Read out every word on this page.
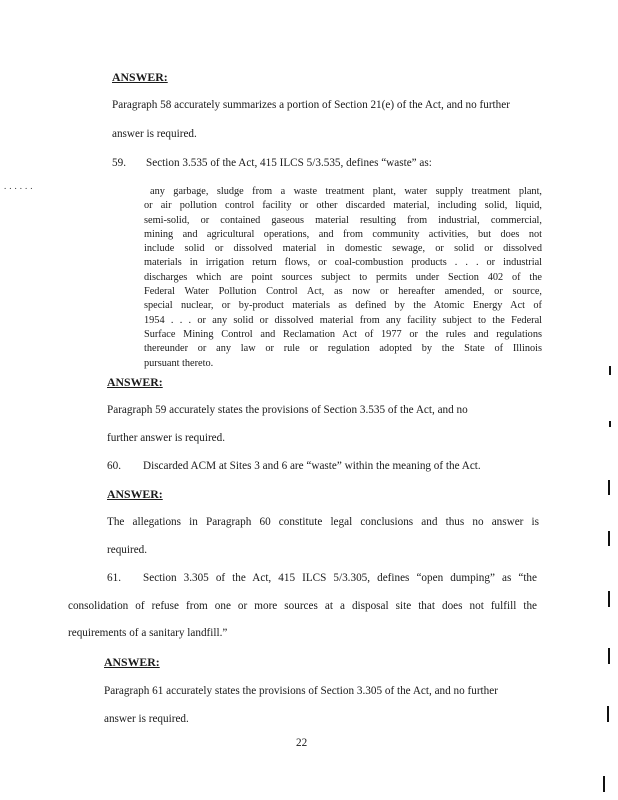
......
ANSWER:
Paragraph 58 accurately summarizes a portion of Section 21(e) of the Act, and no further
answer is required.
59. Section 3.535 of the Act, 415 ILCS 5/3.535, defines “waste” as:
any garbage, sludge from a waste treatment plant, water supply treatment plant,
or air pollution control facility or other discarded material, including solid, liquid,
semi-solid, or contained gaseous material resulting from industrial, commercial,
mining and agricultural operations, and from community activities, but does not
include solid or dissolved material in domestic sewage, or solid or dissolved
materials in irrigation return flows, or coal-combustion products . . . or industrial
discharges which are point sources subject to permits under Section 402 of the
Federal Water Pollution Control Act, as now or hereafter amended, or source,
special nuclear, or by-product materials as defined by the Atomic Energy Act of
1954 . . . or any solid or dissolved material from any facility subject to the Federal
Surface Mining Control and Reclamation Act of 1977 or the rules and regulations
thereunder or any law or rule or regulation adopted by the State of Illinois
pursuant thereto.
ANSWER:
Paragraph 59 accurately states the provisions of Section 3.535 of the Act, and no
further answer is required.
60. Discarded ACM at Sites 3 and 6 are “waste” within the meaning of the Act.
ANSWER:
The allegations in Paragraph 60 constitute legal conclusions and thus no answer is
required.
61. Section 3.305 of the Act, 415 ILCS 5/3.305, defines “open dumping” as “the
consolidation of refuse from one or more sources at a disposal site that does not fulfill the
requirements of a sanitary landfill.”
ANSWER:
Paragraph 61 accurately states the provisions of Section 3.305 of the Act, and no further
answer is required.
22
